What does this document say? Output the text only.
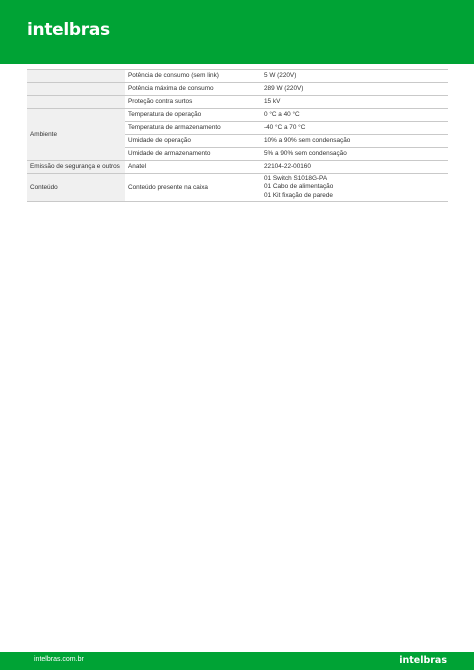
intelbras
	Potência de consumo (sem link)	5 W (220V)
	Potência máxima de consumo	289 W (220V)
	Proteção contra surtos	15 kV
Ambiente	Temperatura de operação	0 °C a 40 °C
	Temperatura de armazenamento	-40 °C a 70 °C
	Umidade de operação	10% a 90% sem condensação
	Umidade de armazenamento	5% a 90% sem condensação
Emissão de segurança e outros	Anatel	22104-22-00160
Conteúdo	Conteúdo presente na caixa	01 Switch S1018G-PA
01 Cabo de alimentação
01 Kit fixação de parede
intelbras.com.br	intelbras
